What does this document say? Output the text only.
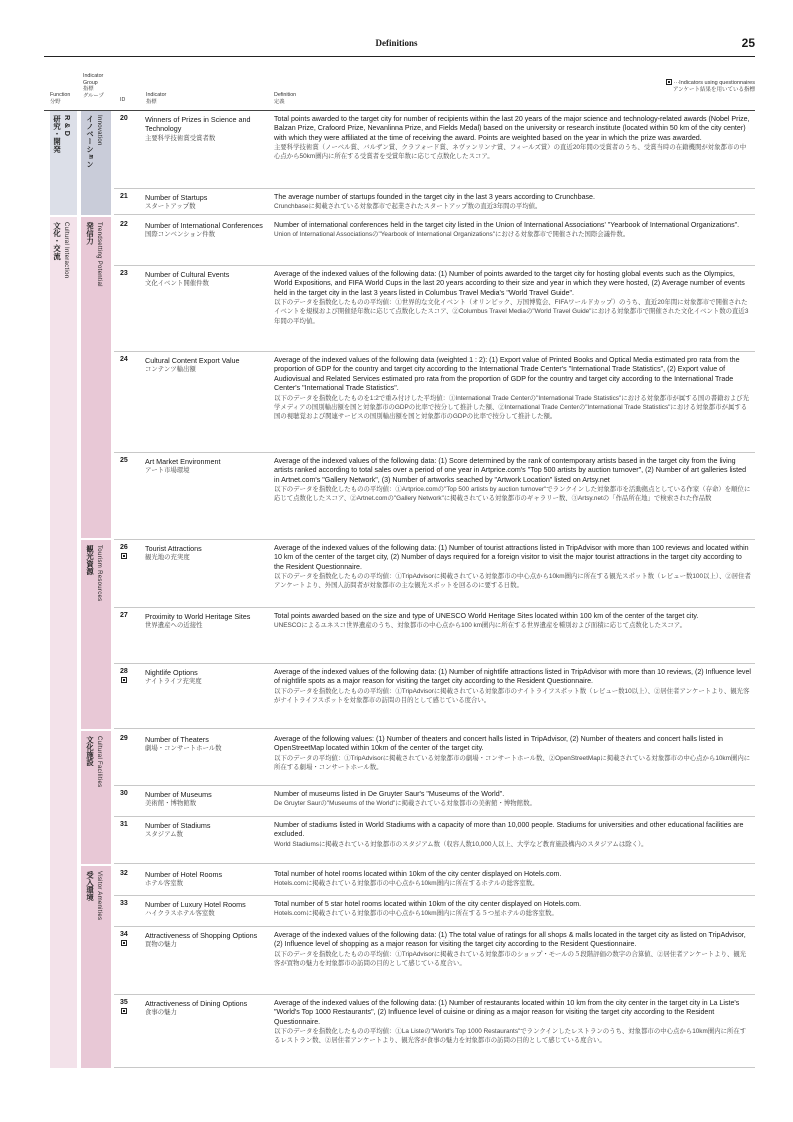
Definitions	25
Function
分野
Indicator
Group
指標
グループ
ID
Indicator
指標
Definition
定義
···Indicators using questionnaires
アンケート結果を用いている指標
R & D
研究・開発
Cultural Interaction
文化・交流
Innovation
イノベーション
Trendsetting Potential
発信力
Tourism Resources
観光資源
Cultural Facilities
文化施設
Visitor Amenities
受入環境
20 Winners of Prizes in Science and Technology
主要科学技術賞受賞者数
Total points awarded to the target city for number of recipients within the last 20 years of the major science and technology-related awards (Nobel Prize, Balzan Prize, Crafoord Prize, Nevanlinna Prize, and Fields Medal) based on the university or research institute (located within 50 km of the city center) with which they were affiliated at the time of receiving the award. Points are weighted based on the year in which the prize was awarded.
主要科学技術賞（ノーベル賞、バルザン賞、クラフォード賞、ネヴァンリンナ賞、フィールズ賞）の直近20年間の受賞者のうち、受賞当時の在籍機関が対象都市の中心点から50km圏内に所在する受賞者を受賞年数に応じて点数化したスコア。
21 Number of Startups
スタートアップ数
The average number of startups founded in the target city in the last 3 years according to Crunchbase.
Crunchbaseに掲載されている対象都市で起業されたスタートアップ数の直近3年間の平均値。
22 Number of International Conferences
国際コンベンション件数
Number of international conferences held in the target city listed in the Union of International Associations' "Yearbook of International Organizations".
Union of International Associationsの"Yearbook of International Organizations"における対象都市で開催された国際会議件数。
23 Number of Cultural Events
文化イベント開催件数
Average of the indexed values of the following data: (1) Number of points awarded to the target city for hosting global events such as the Olympics, World Expositions, and FIFA World Cups in the last 20 years according to their size and year in which they were hosted, (2) Average number of events held in the target city in the last 3 years listed in Columbus Travel Media's "World Travel Guide".
以下のデータを指数化したものの平均値：①世界的な文化イベント（オリンピック、万国博覧会、FIFAワールドカップ）のうち、直近20年間に対象都市で開催されたイベントを規模および開催経年数に応じて点数化したスコア、②Columbus Travel Mediaの"World Travel Guide"における対象都市で開催された文化イベント数の直近3年間の平均値。
24 Cultural Content Export Value
コンテンツ輸出額
Average of the indexed values of the following data (weighted 1 : 2): (1) Export value of Printed Books and Optical Media estimated pro rata from the proportion of GDP for the country and target city according to the International Trade Center's "International Trade Statistics", (2) Export value of Audiovisual and Related Services estimated pro rata from the proportion of GDP for the country and target city according to the International Trade Center's "International Trade Statistics".
以下のデータを指数化したものを1:2で重み付けした平均値：①International Trade Centerの"International Trade Statistics"における対象都市が属する国の書籍および光学メディアの国別輸出額を国と対象都市のGDPの比率で按分して推計した額、②International Trade Centerの"International Trade Statistics"における対象都市が属する国の視聴覚および関連サービスの国別輸出額を国と対象都市のGDPの比率で按分して推計した額。
25 Art Market Environment
アート市場環境
Average of the indexed values of the following data: (1) Score determined by the rank of contemporary artists based in the target city from the living artists ranked according to total sales over a period of one year in Artprice.com's "Top 500 artists by auction turnover", (2) Number of art galleries listed in Artnet.com's "Gallery Network", (3) Number of artworks seached by "Artwork Location" listed on Artsy.net
以下のデータを指数化したものの平均値：①Artprice.comの"Top 500 artists by auction turnover"でランクインした対象都市を活動拠点としている作家（存命）を順位に応じて点数化したスコア、②Artnet.comの"Gallery Network"に掲載されている対象都市のギャラリー数、③Artsy.netの「作品所在地」で検索された作品数
26 Tourist Attractions
観光地の充実度
Average of the indexed values of the following data: (1) Number of tourist attractions listed in TripAdvisor with more than 100 reviews and located within 10 km of the center of the target city, (2) Number of days required for a foreign visitor to visit the major tourist attractions in the target city according to the Resident Questionnaire.
以下のデータを指数化したものの平均値：①TripAdvisorに掲載されている対象都市の中心点から10km圏内に所在する観光スポット数（レビュー数100以上）、②居住者アンケートより、外国人訪問者が対象都市の主な観光スポットを回るのに要する日数。
27 Proximity to World Heritage Sites
世界遺産への近接性
Total points awarded based on the size and type of UNESCO World Heritage Sites located within 100 km of the center of the target city.
UNESCOによるユネスコ世界遺産のうち、対象都市の中心点から100 km圏内に所在する世界遺産を種別および面積に応じて点数化したスコア。
28 Nightlife Options
ナイトライフ充実度
Average of the indexed values of the following data: (1) Number of nightlife attractions listed in TripAdvisor with more than 10 reviews, (2) Influence level of nightlife spots as a major reason for visiting the target city according to the Resident Questionnaire.
以下のデータを指数化したものの平均値：①TripAdvisorに掲載されている対象都市のナイトライフスポット数（レビュー数10以上）、②居住者アンケートより、観光客がナイトライフスポットを対象都市の訪問の目的として感じている度合い。
29 Number of Theaters
劇場・コンサートホール数
Average of the following values: (1) Number of theaters and concert halls listed in TripAdvisor, (2) Number of theaters and concert halls listed in OpenStreetMap located within 10km of the center of the target city.
以下のデータの平均値：①TripAdvisorに掲載されている対象都市の劇場・コンサートホール数、②OpenStreetMapに掲載されている対象都市の中心点から10km圏内に所在する劇場・コンサートホール数。
30 Number of Museums
美術館・博物館数
Number of museums listed in De Gruyter Saur's "Museums of the World".
De Gruyter Saurの"Museums of the World"に掲載されている対象都市の美術館・博物館数。
31 Number of Stadiums
スタジアム数
Number of stadiums listed in World Stadiums with a capacity of more than 10,000 people. Stadiums for universities and other educational facilities are excluded.
World Stadiumsに掲載されている対象都市のスタジアム数（収容人数10,000人以上、大学など教育施設構内のスタジアムは除く）。
32 Number of Hotel Rooms
ホテル客室数
Total number of hotel rooms located within 10km of the city center displayed on Hotels.com.
Hotels.comに掲載されている対象都市の中心点から10km圏内に所在するホテルの総客室数。
33 Number of Luxury Hotel Rooms
ハイクラスホテル客室数
Total number of 5 star hotel rooms located within 10km of the city center displayed on Hotels.com.
Hotels.comに掲載されている対象都市の中心点から10km圏内に所在する５つ星ホテルの総客室数。
34 Attractiveness of Shopping Options
買物の魅力
Average of the indexed values of the following data: (1) The total value of ratings for all shops & malls located in the target city as listed on TripAdvisor, (2) Influence level of shopping as a major reason for visiting the target city according to the Resident Questionnaire.
以下のデータを指数化したものの平均値：①TripAdvisorに掲載されている対象都市のショップ・モールの５段階評価の数字の合算値、②居住者アンケートより、観光客が買物の魅力を対象都市の訪問の目的として感じている度合い。
35 Attractiveness of Dining Options
食事の魅力
Average of the indexed values of the following data: (1) Number of restaurants located within 10 km from the city center in the target city in La Liste's "World's Top 1000 Restaurants", (2) Influence level of cuisine or dining as a major reason for visiting the target city according to the Resident Questionnaire.
以下のデータを指数化したものの平均値：①La Listeの"World's Top 1000 Restaurants"でランクインしたレストランのうち、対象都市の中心点から10km圏内に所在するレストラン数、②居住者アンケートより、観光客が食事の魅力を対象都市の訪問の目的として感じている度合い。
